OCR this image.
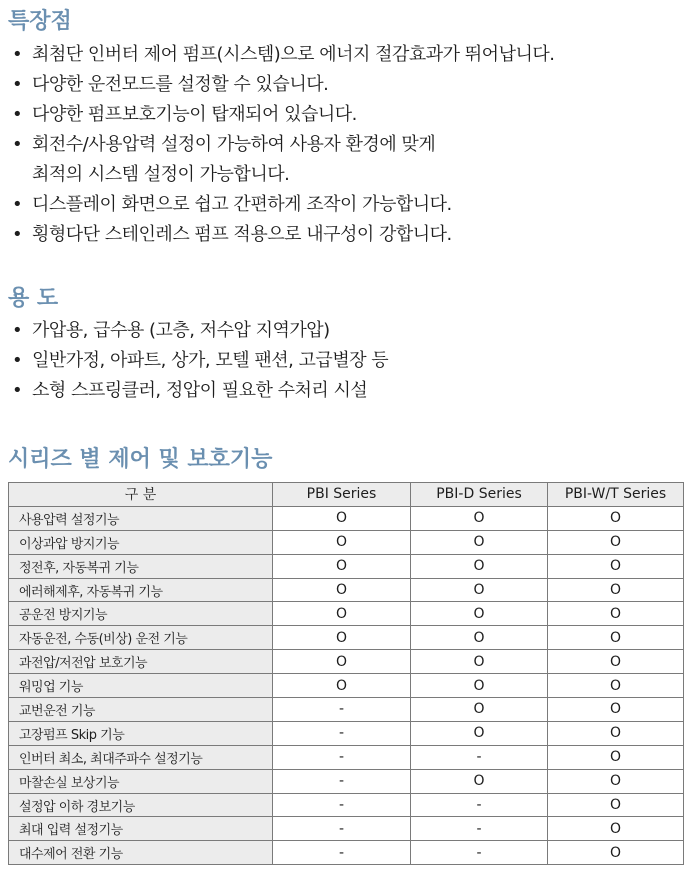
특장점
• 최첨단 인버터 제어 펌프(시스템)으로 에너지 절감효과가 뛰어납니다.
• 다양한 운전모드를 설정할 수 있습니다.
• 다양한 펌프보호기능이 탑재되어 있습니다.
• 회전수/사용압력 설정이 가능하여 사용자 환경에 맞게
최적의 시스템 설정이 가능합니다.
• 디스플레이 화면으로 쉽고 간편하게 조작이 가능합니다.
• 횡형다단 스테인레스 펌프 적용으로 내구성이 강합니다.
용 도
• 가압용, 급수용 (고층, 저수압 지역가압)
• 일반가정, 아파트, 상가, 모텔 팬션, 고급별장 등
• 소형 스프링클러, 정압이 필요한 수처리 시설
시리즈 별 제어 및 보호기능
구 분	PBI Series	PBI-D Series	PBI-W/T Series
사용압력 설정기능	O	O	O
이상과압 방지기능	O	O	O
정전후, 자동복귀 기능	O	O	O
에러해제후, 자동복귀 기능	O	O	O
공운전 방지기능	O	O	O
자동운전, 수동(비상) 운전 기능	O	O	O
과전압/저전압 보호기능	O	O	O
워밍업 기능	O	O	O
교번운전 기능	-	O	O
고장펌프 Skip 기능	-	O	O
인버터 최소, 최대주파수 설정기능	-	-	O
마찰손실 보상기능	-	O	O
설정압 이하 경보기능	-	-	O
최대 입력 설정기능	-	-	O
대수제어 전환 기능	-	-	O
